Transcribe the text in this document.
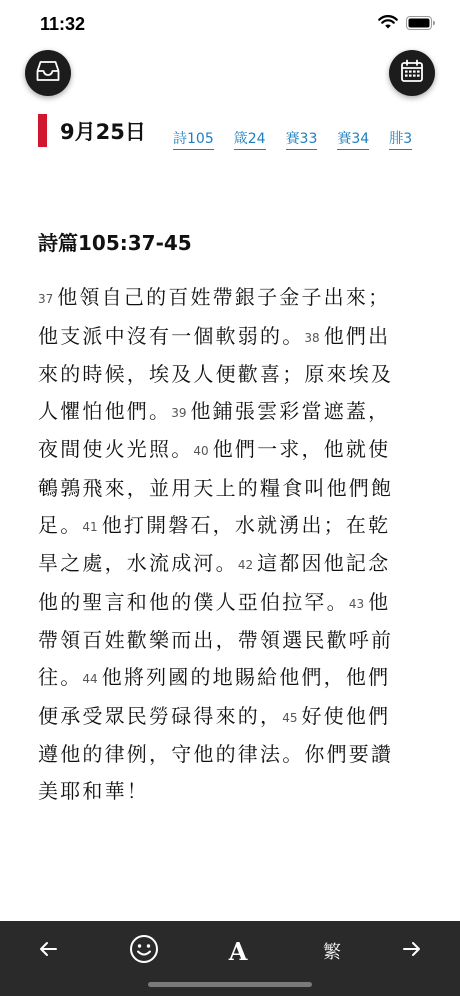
11:32
9月25日 詩105 箴24 賽33 賽34 腓3
詩篇105:37-45
37 他領自己的百姓帶銀子金子出來；他支派中沒有一個軟弱的。38 他們出來的時候，埃及人便歡喜；原來埃及人懼怕他們。39 他鋪張雲彩當遮蓋，夜間使火光照。40 他們一求，他就使鵪鶉飛來，並用天上的糧食叫他們飽足。41 他打開磐石，水就湧出；在乾旱之處，水流成河。42 這都因他記念他的聖言和他的僕人亞伯拉罕。43 他帶領百姓歡樂而出，帶領選民歡呼前往。44 他將列國的地賜給他們，他們便承受眾民勞碌得來的，45 好使他們遵他的律例，守他的律法。你們要讚美耶和華！
A	繁
